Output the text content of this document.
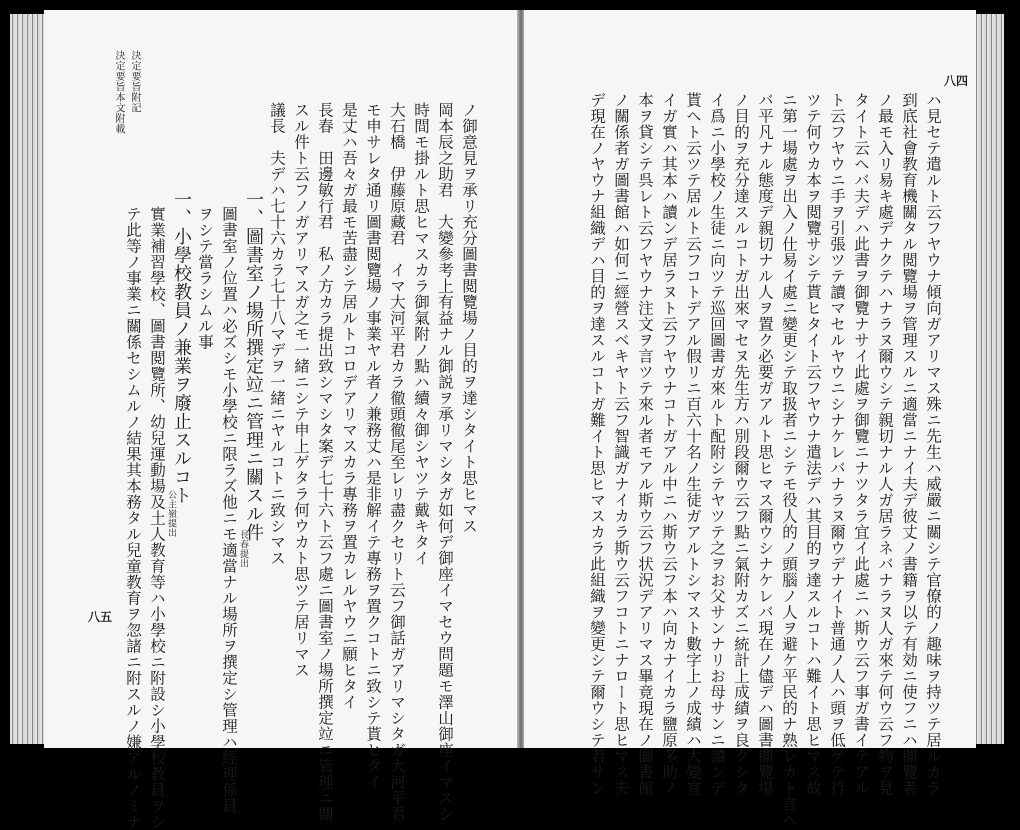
決定要旨本文附載 決定要旨附記
ノ御意見ヲ承リ充分圖書閲覽場ノ目的ヲ達シタイト思ヒマス
岡本辰之助君　大變參考上有益ナル御説ヲ承リマシタガ如何デ御座イマセウ問題モ澤山御座イマスシ
時間モ掛ルト思ヒマスカラ御氣附ノ點ハ續々御シヤツテ戴キタイ
大石橋　伊藤原藏君　イマ大河平君カラ徹頭徹尾至レリ盡クセリト云フ御話ガアリマシタガ大河平君
モ申サレタ通リ圖書閲覽場ノ事業ヤル者ノ兼務丈ハ是非解イテ專務ヲ置クコトニ致シテ貰ヒタイ
是丈ハ吾々ガ最モ苦盡シテ居ルトコロデアリマスカラ專務ヲ置カレルヤウニ願ヒタイ
長春　田邊敏行君　私ノ方カラ提出致シマシタ案デ七十六ト云フ處ニ圖書室ノ場所撰定竝ニ管理ニ關
スル件ト云フノガアリマスガ之モ一緒ニシテ申上ゲタラ何ウカト思ツテ居リマス
議長　夫デハ七十六カラ七十八マデヲ一緒ニヤルコトニ致シマス
一、圖書室ノ場所撰定竝ニ管理ニ關スル件
圖書室ノ位置ハ必ズシモ小學校ニ限ラズ他ニモ適當ナル場所ヲ撰定シ管理ハ經理係員
ヲシテ當ラシムル事
一、小學校教員ノ兼業ヲ廢止スルコト
實業補習學校、圖書閲覽所、幼兒運動場及土人教育等ハ小學校ニ附設シ小學校教員ヲシ
テ此等ノ事業ニ關係セシムルノ結果其本務タル兒童教育ヲ忽諸ニ附スルノ嫌アルノミナ	長春提出
公主嶺提出
八五
八四
ハ見セテ遣ルト云フヤウナ傾向ガアリマス殊ニ先生ハ威嚴ニ關シテ官僚的ノ趣味ヲ持ツテ居ルカラ
到底社會教育機關タル閲覽場ヲ管理スルニ適當ニナイ夫デ彼丈ノ書籍ヲ以テ有効ニ使フニハ閲覽者
ノ最モ入リ易キ處デナクテハナラヌ爾ウシテ親切ナル人ガ居ラネバナラヌ人ガ來テ何ウ云フ物ヲ見
タイト云ヘバ夫デハ此書ヲ御覽ナサイ此處ヲ御覽ニナツタラ宜イ此處ニハ斯ウ云フ事ガ書イテアル
ト云フヤウニ手ヲ引張ツテ讀マセルヤウニシナケレバナラヌ爾ウデナイト普通ノ人ハ頭ヲ低ゲテ行
ツテ何ウカ本ヲ閲覽サシテ貰ヒタイト云フヤウナ遣法デハ其目的ヲ達スルコトハ難イト思ヒマス故
ニ第一場處ヲ出入ノ仕易イ處ニ變更シテ取扱者ニシテモ役人的ノ頭腦ノ人ヲ避ケ平民的ナ熟レカト言ヘ
バ平凡ナル態度デ親切ナル人ヲ置ク必要ガアルト思ヒマス爾ウシナケレバ現在ノ儘デハ圖書閲覽場
ノ目的ヲ充分達スルコトガ出來マセヌ先生方ハ別段爾ウ云フ點ニ氣附カズニ統計上成績ヲ良クシタ
イ爲ニ小學校ノ生徒ニ向ツテ巡回圖書ガ來ルト配附シテヤツテ之ヲお父サンナリお母サンニ讀ンデ
貰ヘト云ツテ居ルト云フコトデアル假リニ百六十名ノ生徒ガアルトシマスト數字上ノ成績ハ大變宜
イガ實ハ其本ハ讀ンデ居ラヌト云フヤウナコトガアル中ニハ斯ウ云フ本ハ向カナイカラ鹽原多助ノ
本ヲ貸シテ呉レト云フヤウナ注文ヲ言ツテ來ル者モアル斯ウ云フ状況デアリマス畢竟現在ノ圖書館
ノ關係者ガ圖書館ハ如何ニ經營スベキヤト云フ智識ガナイカラ斯ウ云フコトニナロート思ヒマス夫
デ現在ノヤウナ組織デハ目的ヲ達スルコトガ難イト思ヒマスカラ此組織ヲ變更シテ爾ウシテ若サン
